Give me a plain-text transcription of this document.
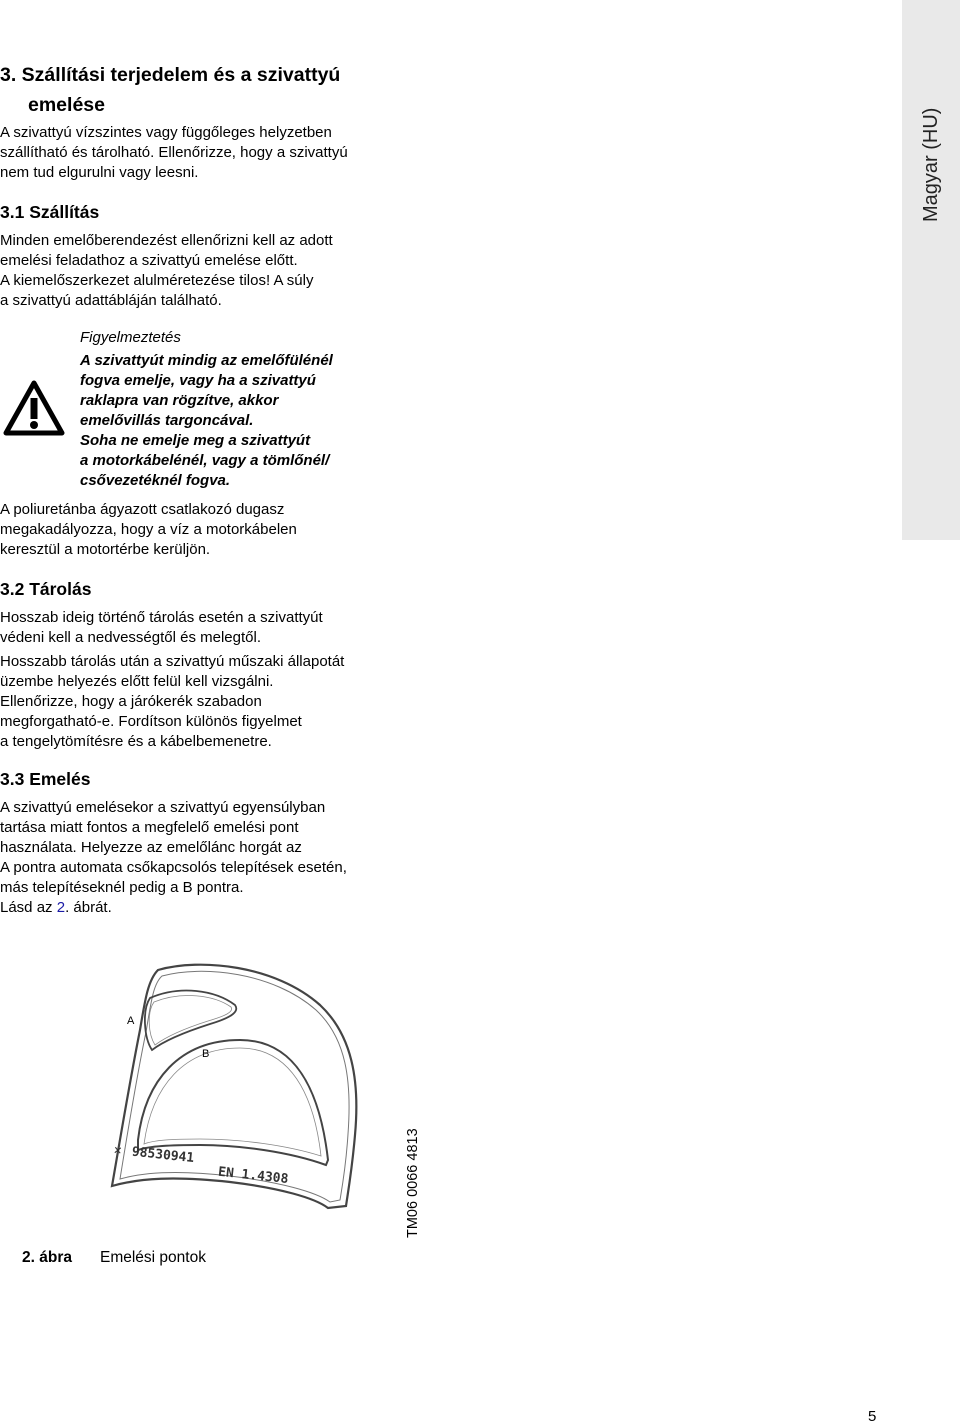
Magyar (HU)
3. Szállítási terjedelem és a szivattyú
emelése
A szivattyú vízszintes vagy függőleges helyzetben
szállítható és tárolható. Ellenőrizze, hogy a szivattyú
nem tud elgurulni vagy leesni.
3.1 Szállítás
Minden emelőberendezést ellenőrizni kell az adott
emelési feladathoz a szivattyú emelése előtt.
A kiemelőszerkezet alulméretezése tilos! A súly
a szivattyú adattábláján található.
Figyelmeztetés
A szivattyút mindig az emelőfülénél
fogva emelje, vagy ha a szivattyú
raklapra van rögzítve, akkor
emelővillás targoncával.
Soha ne emelje meg a szivattyút
a motorkábelénél, vagy a tömlőnél/
csővezetéknél fogva.
A poliuretánba ágyazott csatlakozó dugasz
megakadályozza, hogy a víz a motorkábelen
keresztül a motortérbe kerüljön.
3.2 Tárolás
Hosszab ideig történő tárolás esetén a szivattyút
védeni kell a nedvességtől és melegtől.
Hosszabb tárolás után a szivattyú műszaki állapotát
üzembe helyezés előtt felül kell vizsgálni.
Ellenőrizze, hogy a járókerék szabadon
megforgatható-e. Fordítson különös figyelmet
a tengelytömítésre és a kábelbemenetre.
3.3 Emelés
A szivattyú emelésekor a szivattyú egyensúlyban
tartása miatt fontos a megfelelő emelési pont
használata. Helyezze az emelőlánc horgát az
A pontra automata csőkapcsolós telepítések esetén,
más telepítéseknél pedig a B pontra.
Lásd az 2. ábrát.
✕ 98530941
EN 1.4308
A
B
TM06 0066 4813
2. ábra Emelési pontok
5
